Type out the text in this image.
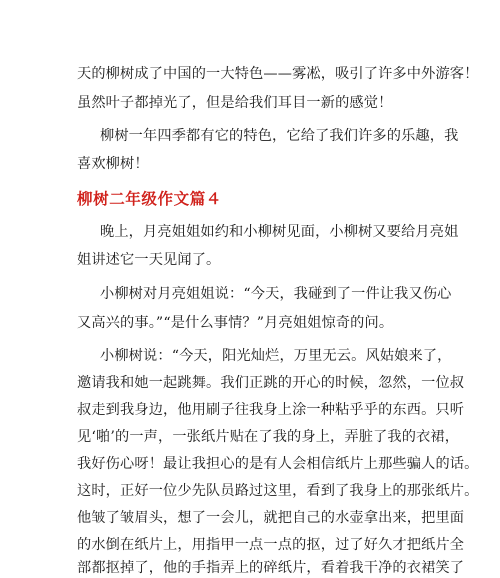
天的柳树成了中国的一大特色——雾凇，吸引了许多中外游客！
虽然叶子都掉光了，但是给我们耳目一新的感觉！
柳树一年四季都有它的特色，它给了我们许多的乐趣，我
喜欢柳树！
柳树二年级作文篇４
晚上，月亮姐姐如约和小柳树见面，小柳树又要给月亮姐
姐讲述它一天见闻了。
小柳树对月亮姐姐说：“今天，我碰到了一件让我又伤心
又高兴的事。”“是什么事情？”月亮姐姐惊奇的问。
小柳树说：“今天，阳光灿烂，万里无云。风姑娘来了，
邀请我和她一起跳舞。我们正跳的开心的时候，忽然，一位叔
叔走到我身边，他用刷子往我身上涂一种粘乎乎的东西。只听
见‘啪’的一声，一张纸片贴在了我的身上，弄脏了我的衣裙，
我好伤心呀！最让我担心的是有人会相信纸片上那些骗人的话。
这时，正好一位少先队员路过这里，看到了我身上的那张纸片。
他皱了皱眉头，想了一会儿，就把自己的水壶拿出来，把里面
的水倒在纸片上，用指甲一点一点的抠，过了好久才把纸片全
部都抠掉了，他的手指弄上的碎纸片，看着我干净的衣裙笑了
